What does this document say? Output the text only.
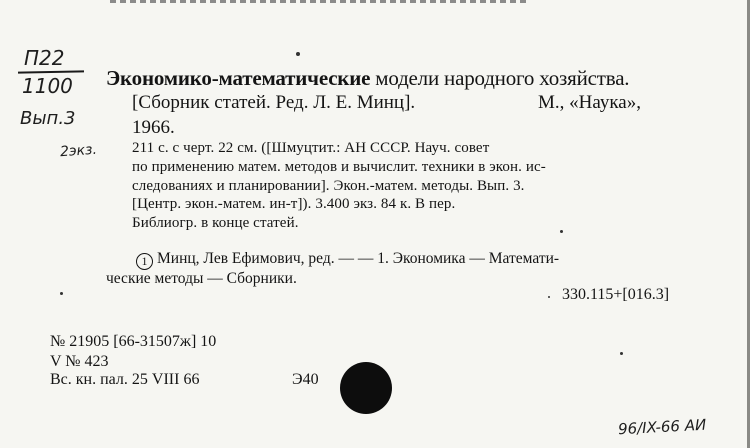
П22
1100
Вып.3
2экз.
Экономико-математические модели народного хозяйства.
[Сборник статей. Ред. Л. Е. Минц].	М., «Наука»,
1966.
211 с. с черт. 22 см. ([Шмуцтит.: АН СССР. Науч. совет
по применению матем. методов и вычислит. техники в экон. ис-
следованиях и планировании]. Экон.-матем. методы. Вып. 3.
[Центр. экон.-матем. ин-т]). 3.400 экз. 84 к. В пер.
Библиогр. в конце статей.
1 Минц, Лев Ефимович, ред. — — 1. Экономика — Математи-
ческие методы — Сборники.
330.115+[016.3]
№ 21905 [66-31507ж] 10
V № 423
Вс. кн. пал. 25 VIII 66	Э40
96/IX-66 АИ
